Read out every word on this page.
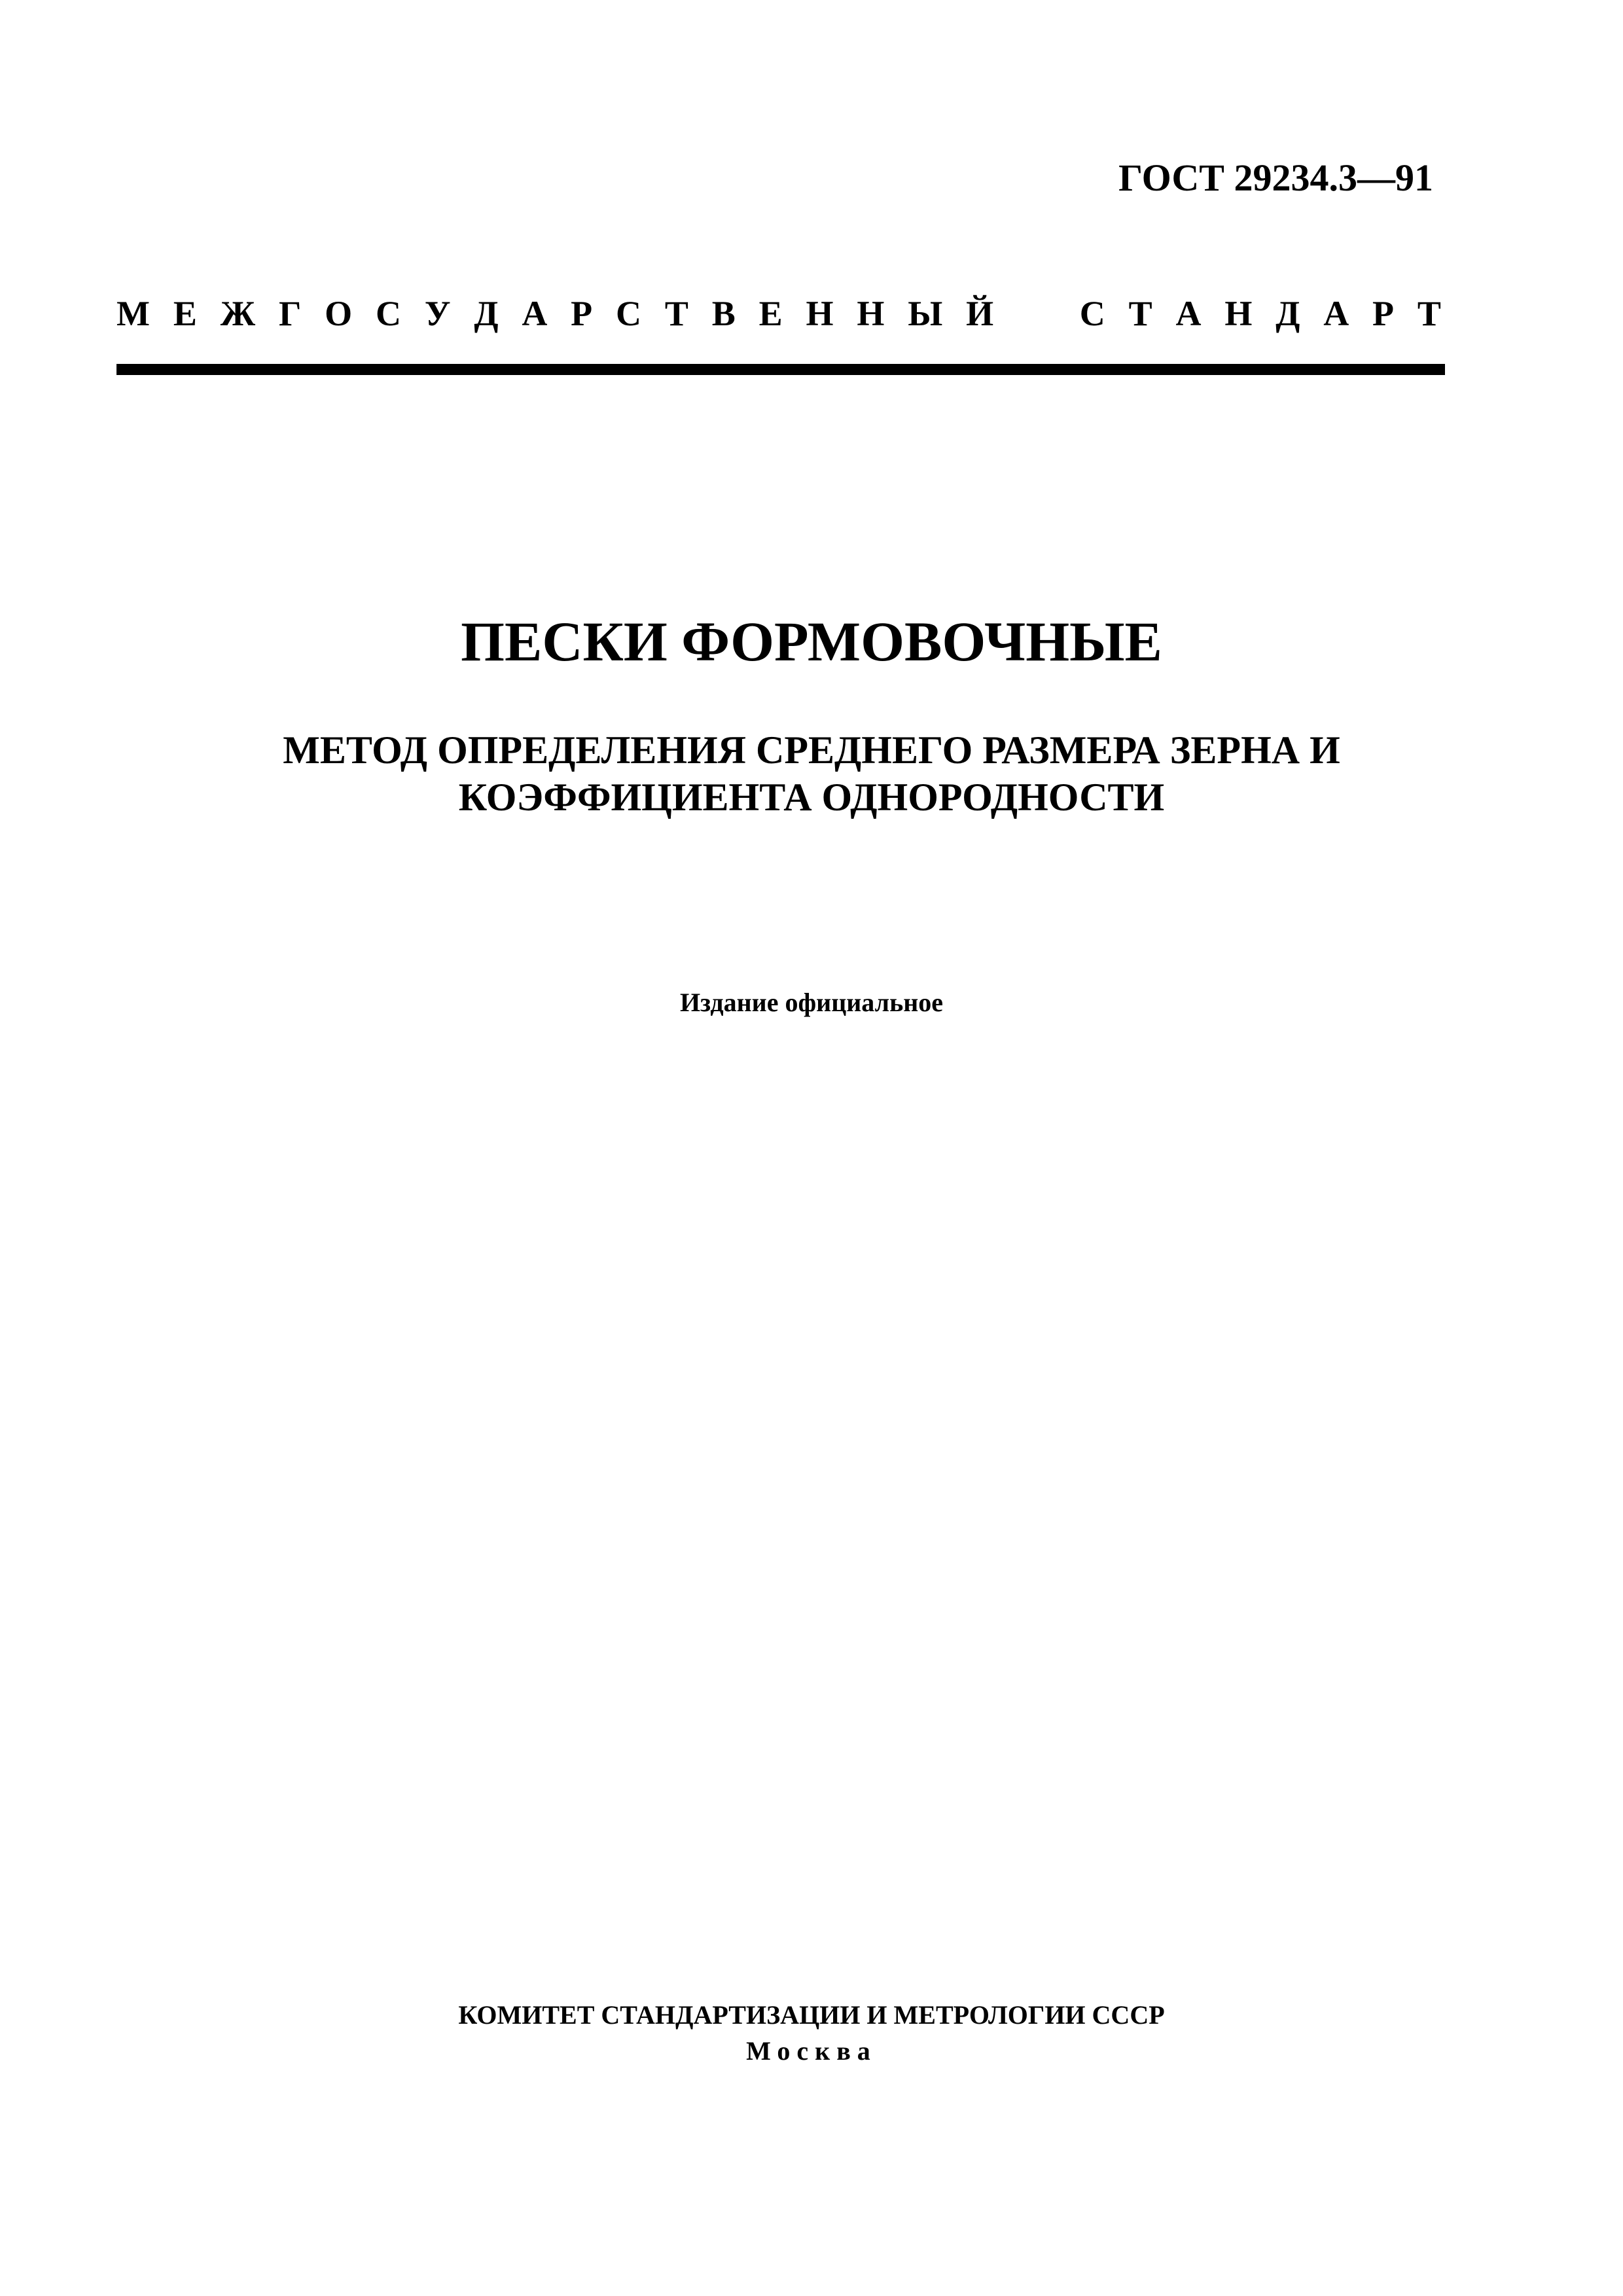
ГОСТ 29234.3—91
М Е Ж Г О С У Д А Р С Т В Е Н Н Ы Й С Т А Н Д А Р Т
ПЕСКИ ФОРМОВОЧНЫЕ
МЕТОД ОПРЕДЕЛЕНИЯ СРЕДНЕГО РАЗМЕРА ЗЕРНА И
КОЭФФИЦИЕНТА ОДНОРОДНОСТИ
Издание официальное
КОМИТЕТ СТАНДАРТИЗАЦИИ И МЕТРОЛОГИИ СССР
Москва
